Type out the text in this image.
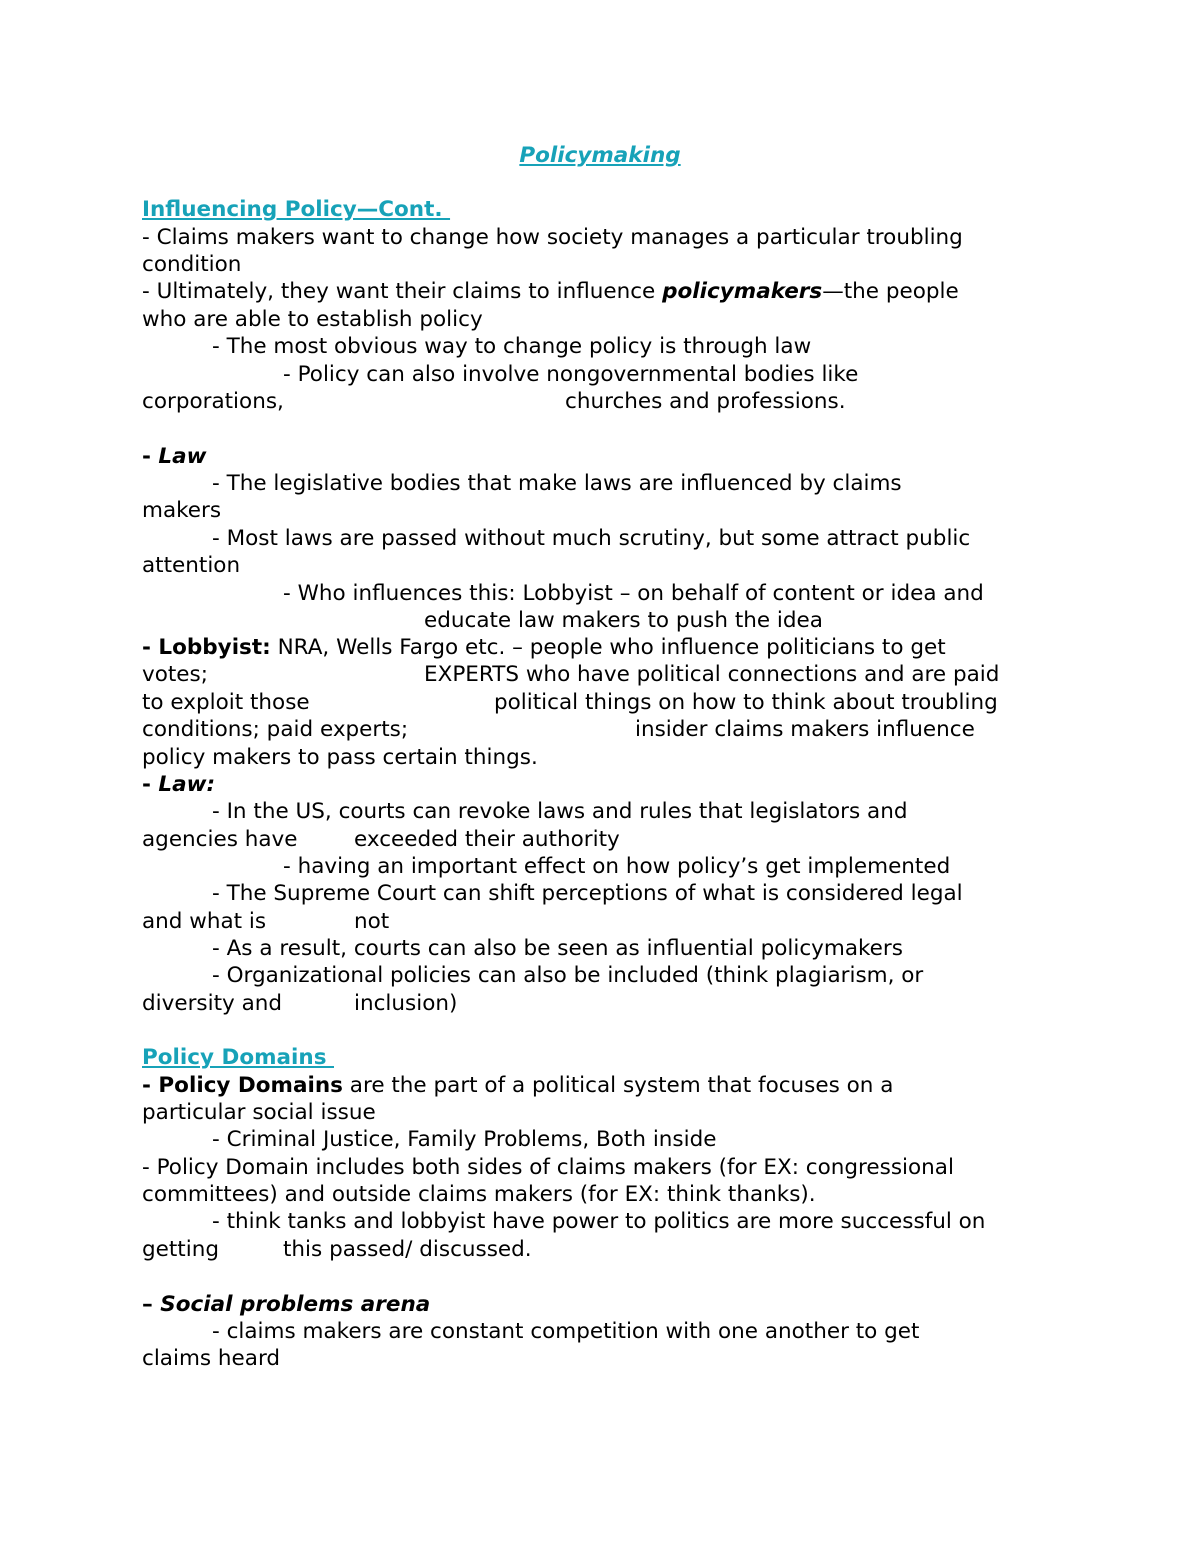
Policymaking
Influencing Policy—Cont.
- Claims makers want to change how society manages a particular troubling
condition
- Ultimately, they want their claims to influence policymakers—the people
who are able to establish policy
- The most obvious way to change policy is through law
- Policy can also involve nongovernmental bodies like
corporations,	churches and professions.
- Law
- The legislative bodies that make laws are influenced by claims
makers
- Most laws are passed without much scrutiny, but some attract public
attention
- Who influences this: Lobbyist – on behalf of content or idea and
educate law makers to push the idea
- Lobbyist: NRA, Wells Fargo etc. – people who influence politicians to get
votes;	EXPERTS who have political connections and are paid
to exploit those	political things on how to think about troubling
conditions; paid experts;	insider claims makers influence
policy makers to pass certain things.
- Law:
- In the US, courts can revoke laws and rules that legislators and
agencies have	exceeded their authority
- having an important effect on how policy’s get implemented
- The Supreme Court can shift perceptions of what is considered legal
and what is	not
- As a result, courts can also be seen as influential policymakers
- Organizational policies can also be included (think plagiarism, or
diversity and	inclusion)
Policy Domains
- Policy Domains are the part of a political system that focuses on a
particular social issue
- Criminal Justice, Family Problems, Both inside
- Policy Domain includes both sides of claims makers (for EX: congressional
committees) and outside claims makers (for EX: think thanks).
- think tanks and lobbyist have power to politics are more successful on
getting	this passed/ discussed.
– Social problems arena
- claims makers are constant competition with one another to get
claims heard
